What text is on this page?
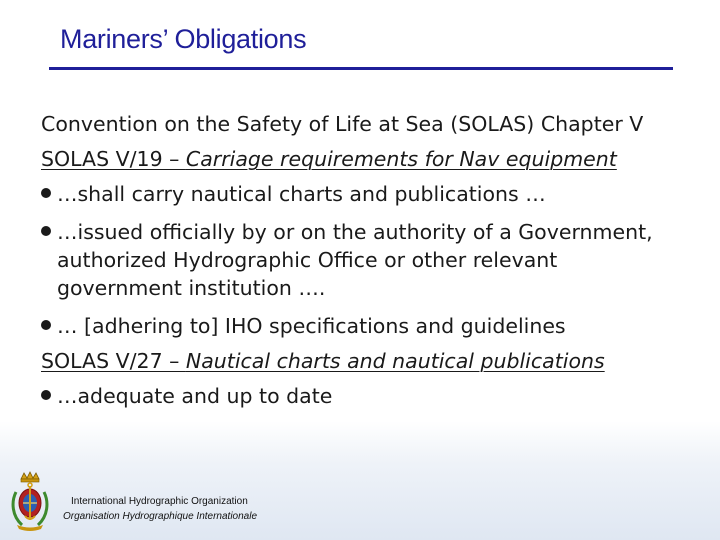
Mariners’ Obligations
Convention on the Safety of Life at Sea (SOLAS) Chapter V
SOLAS V/19 – Carriage requirements for Nav equipment
…shall carry nautical charts and publications …
…issued officially by or on the authority of a Government, authorized Hydrographic Office or other relevant government institution ….
… [adhering to] IHO specifications and guidelines
SOLAS V/27 – Nautical charts and nautical publications
…adequate and up to date
International Hydrographic Organization
Organisation Hydrographique Internationale
